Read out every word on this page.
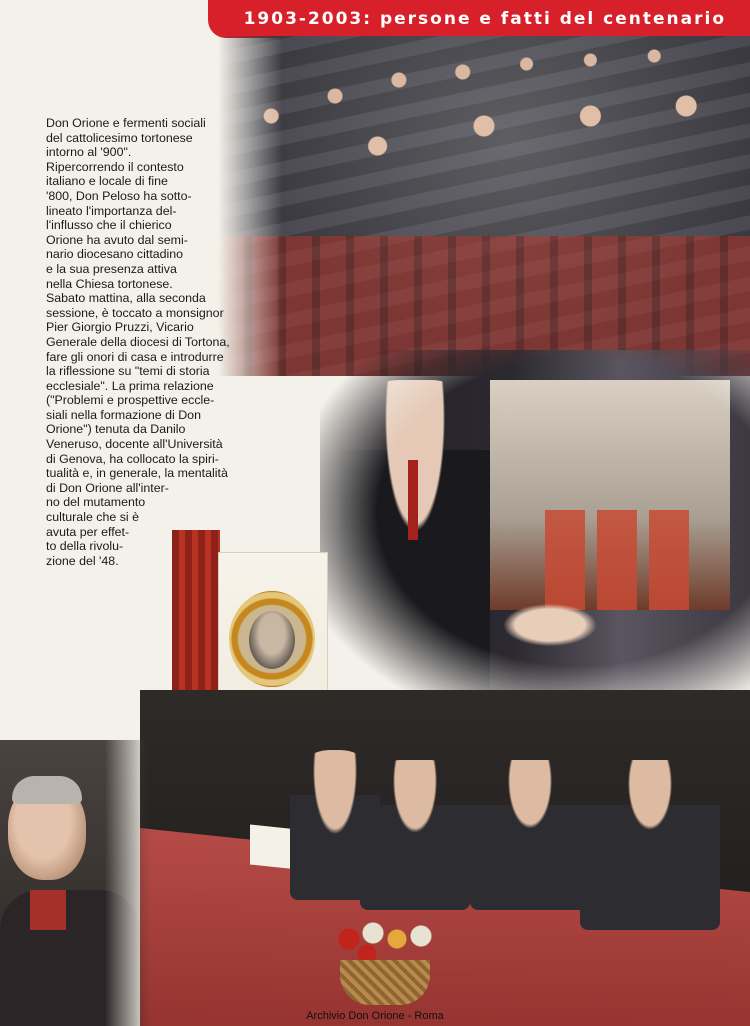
1903-2003: persone e fatti del centenario
Don Orione e fermenti sociali
del cattolicesimo tortonese
intorno al '900".
Ripercorrendo il contesto
italiano e locale di fine
'800, Don Peloso ha sotto-
lineato l'importanza del-
l'influsso che il chierico
Orione ha avuto dal semi-
nario diocesano cittadino
e la sua presenza attiva
nella Chiesa tortonese.
Sabato mattina, alla seconda
sessione, è toccato a monsignor
Pier Giorgio Pruzzi, Vicario
Generale della diocesi di Tortona,
fare gli onori di casa e introdurre
la riflessione su "temi di storia
ecclesiale". La prima relazione
("Problemi e prospettive eccle-
siali nella formazione di Don
Orione") tenuta da Danilo
Veneruso, docente all'Università
di Genova, ha collocato la spiri-
tualità e, in generale, la mentalità
di Don Orione all'inter-
no del mutamento
culturale che si è
avuta per effet-
to della rivolu-
zione del '48.
Archivio Don Orione - Roma
